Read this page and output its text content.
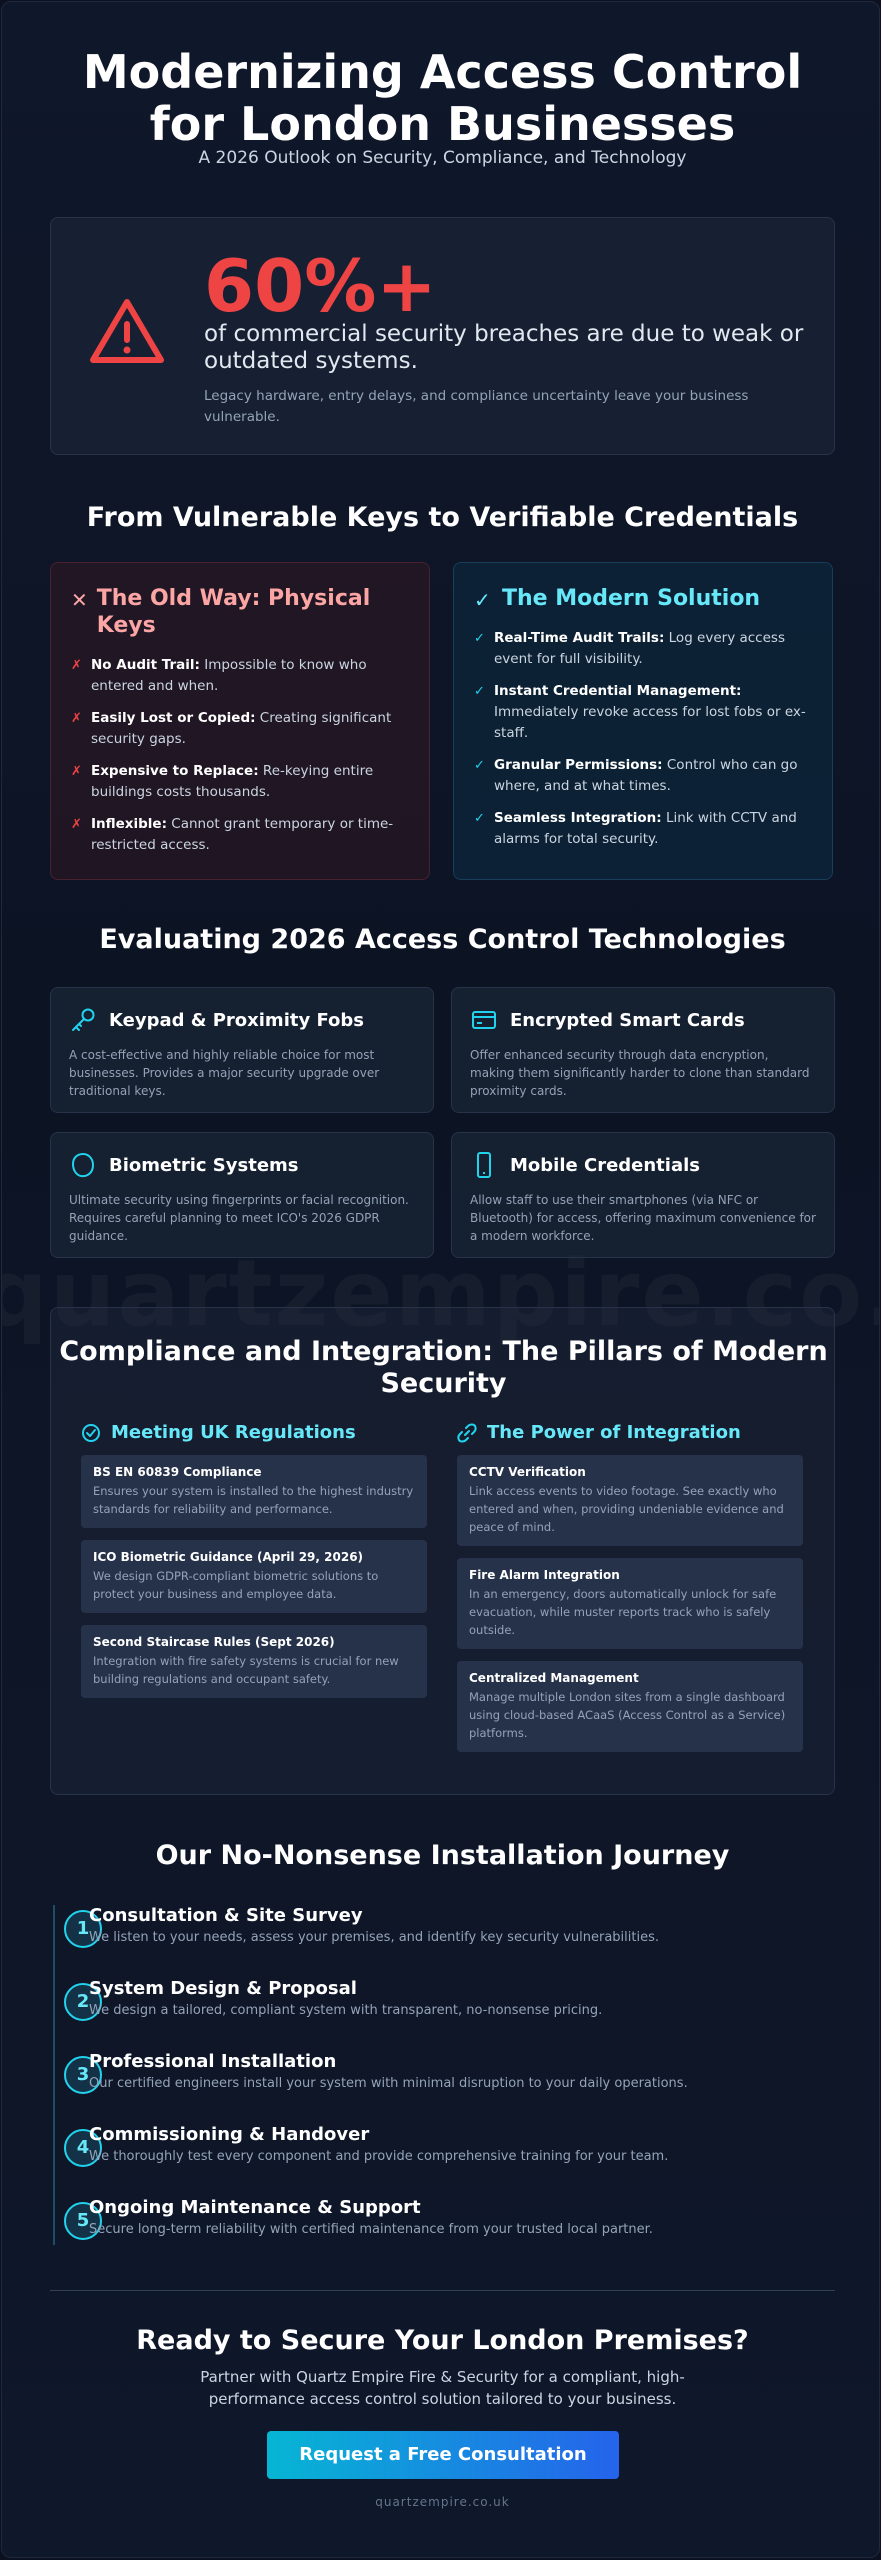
Modernizing Access Control for London Businesses
A 2026 Outlook on Security, Compliance, and Technology
60%+
of commercial security breaches are due to weak or outdated systems.
Legacy hardware, entry delays, and compliance uncertainty leave your business vulnerable.
From Vulnerable Keys to Verifiable Credentials
✕ The Old Way: Physical Keys
✗ No Audit Trail: Impossible to know who entered and when.
✗ Easily Lost or Copied: Creating significant security gaps.
✗ Expensive to Replace: Re-keying entire buildings costs thousands.
✗ Inflexible: Cannot grant temporary or time-restricted access.
✓ The Modern Solution
✓ Real-Time Audit Trails: Log every access event for full visibility.
✓ Instant Credential Management: Immediately revoke access for lost fobs or ex-staff.
✓ Granular Permissions: Control who can go where, and at what times.
✓ Seamless Integration: Link with CCTV and alarms for total security.
Evaluating 2026 Access Control Technologies
Keypad & Proximity Fobs
A cost-effective and highly reliable choice for most businesses. Provides a major security upgrade over traditional keys.
Encrypted Smart Cards
Offer enhanced security through data encryption, making them significantly harder to clone than standard proximity cards.
Biometric Systems
Ultimate security using fingerprints or facial recognition. Requires careful planning to meet ICO's 2026 GDPR guidance.
Mobile Credentials
Allow staff to use their smartphones (via NFC or Bluetooth) for access, offering maximum convenience for a modern workforce.
Compliance and Integration: The Pillars of Modern Security
Meeting UK Regulations
BS EN 60839 Compliance
Ensures your system is installed to the highest industry standards for reliability and performance.
ICO Biometric Guidance (April 29, 2026)
We design GDPR-compliant biometric solutions to protect your business and employee data.
Second Staircase Rules (Sept 2026)
Integration with fire safety systems is crucial for new building regulations and occupant safety.
The Power of Integration
CCTV Verification
Link access events to video footage. See exactly who entered and when, providing undeniable evidence and peace of mind.
Fire Alarm Integration
In an emergency, doors automatically unlock for safe evacuation, while muster reports track who is safely outside.
Centralized Management
Manage multiple London sites from a single dashboard using cloud-based ACaaS (Access Control as a Service) platforms.
Our No-Nonsense Installation Journey
1
Consultation & Site Survey
We listen to your needs, assess your premises, and identify key security vulnerabilities.
2
System Design & Proposal
We design a tailored, compliant system with transparent, no-nonsense pricing.
3
Professional Installation
Our certified engineers install your system with minimal disruption to your daily operations.
4
Commissioning & Handover
We thoroughly test every component and provide comprehensive training for your team.
5
Ongoing Maintenance & Support
Secure long-term reliability with certified maintenance from your trusted local partner.
Ready to Secure Your London Premises?

Partner with Quartz Empire Fire & Security for a compliant, high-performance access control solution tailored to your business.

Request a Free Consultation
quartzempire.co.uk
